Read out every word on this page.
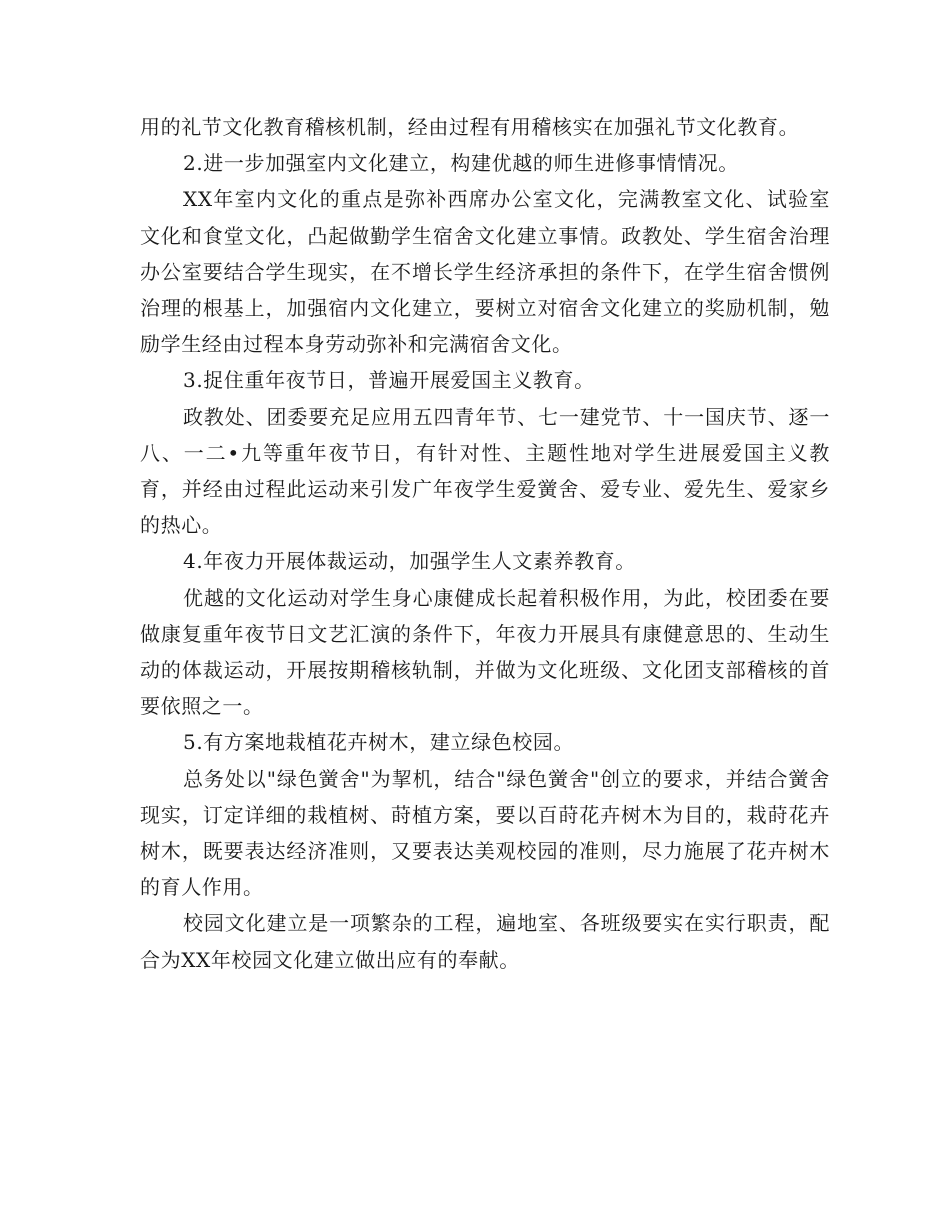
用的礼节文化教育稽核机制，经由过程有用稽核实在加强礼节文化教育。

2.进一步加强室内文化建立，构建优越的师生进修事情情况。

XX年室内文化的重点是弥补西席办公室文化，完满教室文化、试验室文化和食堂文化，凸起做勤学生宿舍文化建立事情。政教处、学生宿舍治理办公室要结合学生现实，在不增长学生经济承担的条件下，在学生宿舍惯例治理的根基上，加强宿内文化建立，要树立对宿舍文化建立的奖励机制，勉励学生经由过程本身劳动弥补和完满宿舍文化。

3.捉住重年夜节日，普遍开展爱国主义教育。

政教处、团委要充足应用五四青年节、七一建党节、十一国庆节、逐一八、一二•九等重年夜节日，有针对性、主题性地对学生进展爱国主义教育，并经由过程此运动来引发广年夜学生爱黉舍、爱专业、爱先生、爱家乡的热心。

4.年夜力开展体裁运动，加强学生人文素养教育。

优越的文化运动对学生身心康健成长起着积极作用，为此，校团委在要做康复重年夜节日文艺汇演的条件下，年夜力开展具有康健意思的、生动生动的体裁运动，开展按期稽核轨制，并做为文化班级、文化团支部稽核的首要依照之一。

5.有方案地栽植花卉树木，建立绿色校园。

总务处以"绿色黉舍"为挈机，结合"绿色黉舍"创立的要求，并结合黉舍现实，订定详细的栽植树、莳植方案，要以百莳花卉树木为目的，栽莳花卉树木，既要表达经济准则，又要表达美观校园的准则，尽力施展了花卉树木的育人作用。

校园文化建立是一项繁杂的工程，遍地室、各班级要实在实行职责，配合为XX年校园文化建立做出应有的奉献。
